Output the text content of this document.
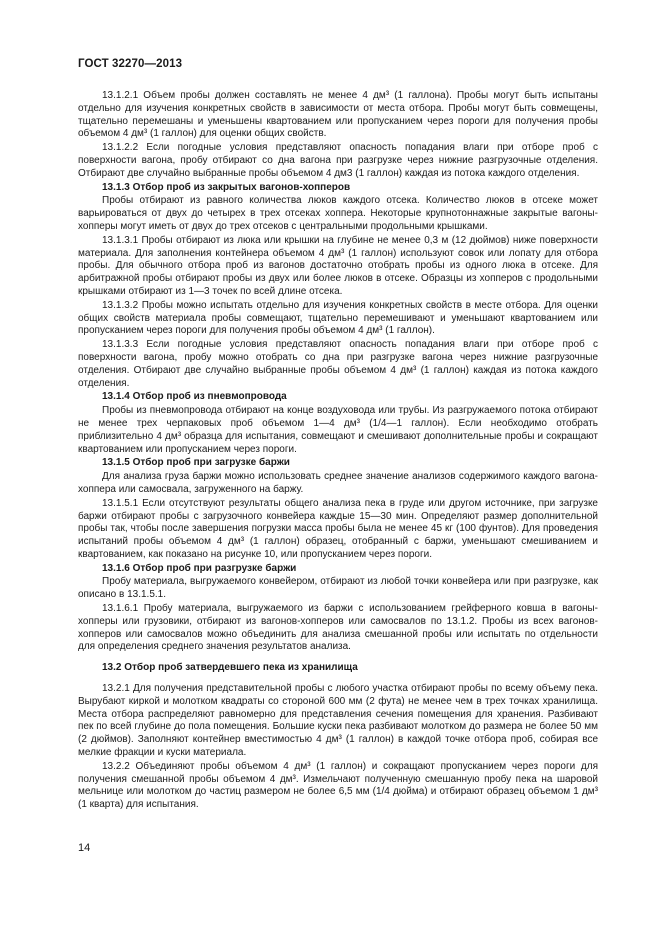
ГОСТ 32270—2013
13.1.2.1 Объем пробы должен составлять не менее 4 дм³ (1 галлона). Пробы могут быть испытаны отдельно для изучения конкретных свойств в зависимости от места отбора. Пробы могут быть совмещены, тщательно перемешаны и уменьшены квартованием или пропусканием через пороги для получения пробы объемом 4 дм³ (1 галлон) для оценки общих свойств.
13.1.2.2 Если погодные условия представляют опасность попадания влаги при отборе проб с поверхности вагона, пробу отбирают со дна вагона при разгрузке через нижние разгрузочные отделения. Отбирают две случайно выбранные пробы объемом 4 дм3 (1 галлон) каждая из потока каждого отделения.
13.1.3 Отбор проб из закрытых вагонов-хопперов
Пробы отбирают из равного количества люков каждого отсека. Количество люков в отсеке может варьироваться от двух до четырех в трех отсеках хоппера. Некоторые крупнотоннажные закрытые вагоны-хопперы могут иметь от двух до трех отсеков с центральными продольными крышками.
13.1.3.1 Пробы отбирают из люка или крышки на глубине не менее 0,3 м (12 дюймов) ниже поверхности материала. Для заполнения контейнера объемом 4 дм³ (1 галлон) используют совок или лопату для отбора пробы. Для обычного отбора проб из вагонов достаточно отобрать пробы из одного люка в отсеке. Для арбитражной пробы отбирают пробы из двух или более люков в отсеке. Образцы из хопперов с продольными крышками отбирают из 1—3 точек по всей длине отсека.
13.1.3.2 Пробы можно испытать отдельно для изучения конкретных свойств в месте отбора. Для оценки общих свойств материала пробы совмещают, тщательно перемешивают и уменьшают квартованием или пропусканием через пороги для получения пробы объемом 4 дм³ (1 галлон).
13.1.3.3 Если погодные условия представляют опасность попадания влаги при отборе проб с поверхности вагона, пробу можно отобрать со дна при разгрузке вагона через нижние разгрузочные отделения. Отбирают две случайно выбранные пробы объемом 4 дм³ (1 галлон) каждая из потока каждого отделения.
13.1.4 Отбор проб из пневмопровода
Пробы из пневмопровода отбирают на конце воздуховода или трубы. Из разгружаемого потока отбирают не менее трех черпаковых проб объемом 1—4 дм³ (1/4—1 галлон). Если необходимо отобрать приблизительно 4 дм³ образца для испытания, совмещают и смешивают дополнительные пробы и сокращают квартованием или пропусканием через пороги.
13.1.5 Отбор проб при загрузке баржи
Для анализа груза баржи можно использовать среднее значение анализов содержимого каждого вагона-хоппера или самосвала, загруженного на баржу.
13.1.5.1 Если отсутствуют результаты общего анализа пека в груде или другом источнике, при загрузке баржи отбирают пробы с загрузочного конвейера каждые 15—30 мин. Определяют размер дополнительной пробы так, чтобы после завершения погрузки масса пробы была не менее 45 кг (100 фунтов). Для проведения испытаний пробы объемом 4 дм³ (1 галлон) образец, отобранный с баржи, уменьшают смешиванием и квартованием, как показано на рисунке 10, или пропусканием через пороги.
13.1.6 Отбор проб при разгрузке баржи
Пробу материала, выгружаемого конвейером, отбирают из любой точки конвейера или при разгрузке, как описано в 13.1.5.1.
13.1.6.1 Пробу материала, выгружаемого из баржи с использованием грейферного ковша в вагоны-хопперы или грузовики, отбирают из вагонов-хопперов или самосвалов по 13.1.2. Пробы из всех вагонов-хопперов или самосвалов можно объединить для анализа смешанной пробы или испытать по отдельности для определения среднего значения результатов анализа.
13.2 Отбор проб затвердевшего пека из хранилища
13.2.1 Для получения представительной пробы с любого участка отбирают пробы по всему объему пека. Вырубают киркой и молотком квадраты со стороной 600 мм (2 фута) не менее чем в трех точках хранилища. Места отбора распределяют равномерно для представления сечения помещения для хранения. Разбивают пек по всей глубине до пола помещения. Большие куски пека разбивают молотком до размера не более 50 мм (2 дюймов). Заполняют контейнер вместимостью 4 дм³ (1 галлон) в каждой точке отбора проб, собирая все мелкие фракции и куски материала.
13.2.2 Объединяют пробы объемом 4 дм³ (1 галлон) и сокращают пропусканием через пороги для получения смешанной пробы объемом 4 дм³. Измельчают полученную смешанную пробу пека на шаровой мельнице или молотком до частиц размером не более 6,5 мм (1/4 дюйма) и отбирают образец объемом 1 дм³ (1 кварта) для испытания.
14
